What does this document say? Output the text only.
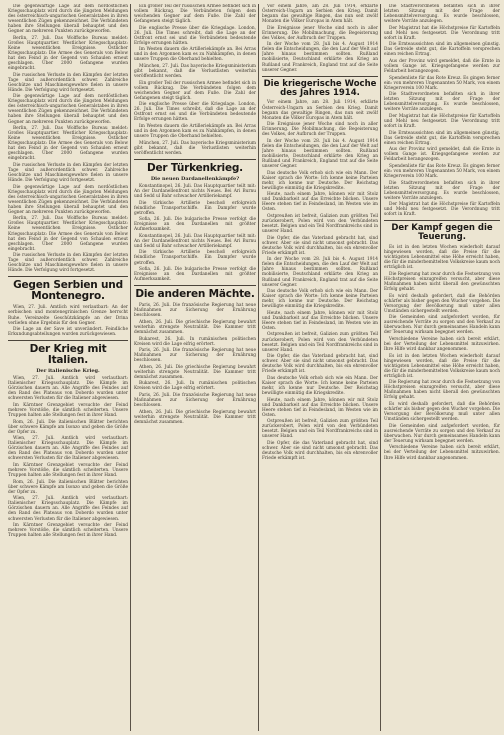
Die gegenwärtige Lage auf dem nordöstlichen Kriegsschauplatz wird durch die jüngsten Meldungen des österreichisch-ungarischen Generalstabes in ihren wesentlichen Zügen gekennzeichnet. Die Verbündeten haben ihre Stellungen überall behauptet und den Gegner an mehreren Punkten zurückgeworfen.

Berlin, 27. Juli. Das Wolffsche Bureau meldet: Großes Hauptquartier. Westlicher Kriegsschauplatz: Keine wesentlichen Ereignisse. Östlicher Kriegsschauplatz: Die Armee des Generals von Below hat den Feind in der Gegend von Schaulen erneut geschlagen. Über 2000 Gefangene wurden eingebracht.

Die russischen Verluste in den Kämpfen der letzten Tage sind außerordentlich schwer. Zahlreiche Geschütze und Maschinengewehre fielen in unsere Hände. Die Verfolgung wird fortgesetzt.

Die gegenwärtige Lage auf dem nordöstlichen Kriegsschauplatz wird durch die jüngsten Meldungen des österreichisch-ungarischen Generalstabes in ihren wesentlichen Zügen gekennzeichnet. Die Verbündeten haben ihre Stellungen überall behauptet und den Gegner an mehreren Punkten zurückgeworfen.

Berlin, 27. Juli. Das Wolffsche Bureau meldet: Großes Hauptquartier. Westlicher Kriegsschauplatz: Keine wesentlichen Ereignisse. Östlicher Kriegsschauplatz: Die Armee des Generals von Below hat den Feind in der Gegend von Schaulen erneut geschlagen. Über 2000 Gefangene wurden eingebracht.

Die russischen Verluste in den Kämpfen der letzten Tage sind außerordentlich schwer. Zahlreiche Geschütze und Maschinengewehre fielen in unsere Hände. Die Verfolgung wird fortgesetzt.

Die gegenwärtige Lage auf dem nordöstlichen Kriegsschauplatz wird durch die jüngsten Meldungen des österreichisch-ungarischen Generalstabes in ihren wesentlichen Zügen gekennzeichnet. Die Verbündeten haben ihre Stellungen überall behauptet und den Gegner an mehreren Punkten zurückgeworfen.

Berlin, 27. Juli. Das Wolffsche Bureau meldet: Großes Hauptquartier. Westlicher Kriegsschauplatz: Keine wesentlichen Ereignisse. Östlicher Kriegsschauplatz: Die Armee des Generals von Below hat den Feind in der Gegend von Schaulen erneut geschlagen. Über 2000 Gefangene wurden eingebracht.

Die russischen Verluste in den Kämpfen der letzten Tage sind außerordentlich schwer. Zahlreiche Geschütze und Maschinengewehre fielen in unsere Hände. Die Verfolgung wird fortgesetzt.

Gegen Serbien und Montenegro.

Wien, 27. Juli. Amtlich wird verlautbart: An der serbischen und montenegrinischen Grenze herrscht Ruhe. Vereinzelte Geschützkämpfe an der Drina verliefen ohne Ergebnis für den Gegner.

Die Lage an der Save ist unverändert. Feindliche Erkundungsabteilungen wurden zurückgewiesen.

Der Krieg mit Italien.
Der italienische Krieg.

Wien, 27. Juli. Amtlich wird verlautbart: Italienischer Kriegsschauplatz. Die Kämpfe im Görzischen dauern an. Alle Angriffe des Feindes auf den Rand des Plateaus von Doberdo wurden unter schwersten Verlusten für die Italiener abgewiesen.

Im Kärntner Grenzgebiet versuchte der Feind mehrere Vorstöße, die sämtlich scheiterten. Unsere Truppen halten alle Stellungen fest in ihrer Hand.

Rom, 26. Juli. Die italienischen Blätter berichten über schwere Kämpfe am Isonzo und geben die Größe der Opfer zu.

Wien, 27. Juli. Amtlich wird verlautbart: Italienischer Kriegsschauplatz. Die Kämpfe im Görzischen dauern an. Alle Angriffe des Feindes auf den Rand des Plateaus von Doberdo wurden unter schwersten Verlusten für die Italiener abgewiesen.

Im Kärntner Grenzgebiet versuchte der Feind mehrere Vorstöße, die sämtlich scheiterten. Unsere Truppen halten alle Stellungen fest in ihrer Hand.

Rom, 26. Juli. Die italienischen Blätter berichten über schwere Kämpfe am Isonzo und geben die Größe der Opfer zu.

Wien, 27. Juli. Amtlich wird verlautbart: Italienischer Kriegsschauplatz. Die Kämpfe im Görzischen dauern an. Alle Angriffe des Feindes auf den Rand des Plateaus von Doberdo wurden unter schwersten Verlusten für die Italiener abgewiesen.

Im Kärntner Grenzgebiet versuchte der Feind mehrere Vorstöße, die sämtlich scheiterten. Unsere Truppen halten alle Stellungen fest in ihrer Hand.

Ein großer Teil der russischen Armee befindet sich in vollem Rückzug. Die Verbündeten folgen dem weichenden Gegner auf dem Fuße. Die Zahl der Gefangenen steigt täglich.

Die englische Presse über die Kriegslage. London, 26. Juli. Die Times schreibt, daß die Lage an der Ostfront ernst sei und die Verbündeten bedeutende Erfolge errungen hätten.

Im Westen dauern die Artilleriekämpfe an. Bei Arras und in den Argonnen kam es zu Nahkämpfen, in denen unsere Truppen die Oberhand behielten.

München, 27. Juli. Das bayerische Kriegsministerium gibt bekannt, daß die Verlustlisten weiterhin veröffentlicht werden.

Ein großer Teil der russischen Armee befindet sich in vollem Rückzug. Die Verbündeten folgen dem weichenden Gegner auf dem Fuße. Die Zahl der Gefangenen steigt täglich.

Die englische Presse über die Kriegslage. London, 26. Juli. Die Times schreibt, daß die Lage an der Ostfront ernst sei und die Verbündeten bedeutende Erfolge errungen hätten.

Im Westen dauern die Artilleriekämpfe an. Bei Arras und in den Argonnen kam es zu Nahkämpfen, in denen unsere Truppen die Oberhand behielten.

München, 27. Juli. Das bayerische Kriegsministerium gibt bekannt, daß die Verlustlisten weiterhin veröffentlicht werden.

Der Türkenkrieg.
Die neuen Dardanellenkämpfe?

Konstantinopel, 26. Juli. Das Hauptquartier teilt mit: An der Dardanellenfront nichts Neues. Bei Ari Burnu und Sedd ul Bahr schwacher Artilleriekampf.

Die türkische Artillerie beschoß erfolgreich feindliche Transportschiffe. Ein Dampfer wurde getroffen.

Sofia, 26. Juli. Die bulgarische Presse verfolgt die Ereignisse an den Dardanellen mit größter Aufmerksamkeit.

Konstantinopel, 26. Juli. Das Hauptquartier teilt mit: An der Dardanellenfront nichts Neues. Bei Ari Burnu und Sedd ul Bahr schwacher Artilleriekampf.

Die türkische Artillerie beschoß erfolgreich feindliche Transportschiffe. Ein Dampfer wurde getroffen.

Sofia, 26. Juli. Die bulgarische Presse verfolgt die Ereignisse an den Dardanellen mit größter Aufmerksamkeit.

Die anderen Mächte.

Paris, 26. Juli. Die französische Regierung hat neue Maßnahmen zur Sicherung der Ernährung beschlossen.

Athen, 26. Juli. Die griechische Regierung bewahrt weiterhin strengste Neutralität. Die Kammer tritt demnächst zusammen.

Bukarest, 26. Juli. In rumänischen politischen Kreisen wird die Lage eifrig erörtert.

Paris, 26. Juli. Die französische Regierung hat neue Maßnahmen zur Sicherung der Ernährung beschlossen.

Athen, 26. Juli. Die griechische Regierung bewahrt weiterhin strengste Neutralität. Die Kammer tritt demnächst zusammen.

Bukarest, 26. Juli. In rumänischen politischen Kreisen wird die Lage eifrig erörtert.

Paris, 26. Juli. Die französische Regierung hat neue Maßnahmen zur Sicherung der Ernährung beschlossen.

Athen, 26. Juli. Die griechische Regierung bewahrt weiterhin strengste Neutralität. Die Kammer tritt demnächst zusammen.

Vor einem Jahre, am 28. Juli 1914, erklärte Österreich-Ungarn an Serbien den Krieg. Damit begann das gewaltige Ringen, das nun seit zwölf Monaten die Völker Europas in Atem hält.

Die Ereignisse jener Woche sind noch in aller Erinnerung. Die Mobilmachung, die Begeisterung des Volkes, der Aufbruch der Truppen.

In der Woche vom 28. Juli bis 4. August 1914 fielen die Entscheidungen, die den Lauf der Welt auf Jahre hinaus bestimmen sollten. Rußland mobilisierte, Deutschland erklärte den Krieg an Rußland und Frankreich, England trat auf die Seite unserer Gegner.

Die kriegerische Woche des Jahres 1914.

Vor einem Jahre, am 28. Juli 1914, erklärte Österreich-Ungarn an Serbien den Krieg. Damit begann das gewaltige Ringen, das nun seit zwölf Monaten die Völker Europas in Atem hält.

Die Ereignisse jener Woche sind noch in aller Erinnerung. Die Mobilmachung, die Begeisterung des Volkes, der Aufbruch der Truppen.

In der Woche vom 28. Juli bis 4. August 1914 fielen die Entscheidungen, die den Lauf der Welt auf Jahre hinaus bestimmen sollten. Rußland mobilisierte, Deutschland erklärte den Krieg an Rußland und Frankreich, England trat auf die Seite unserer Gegner.

Das deutsche Volk erhob sich wie ein Mann. Der Kaiser sprach die Worte: Ich kenne keine Parteien mehr, ich kenne nur Deutsche. Der Reichstag bewilligte einmütig die Kriegskredite.

Heute, nach einem Jahre, können wir mit Stolz und Dankbarkeit auf das Erreichte blicken. Unsere Heere stehen tief in Feindesland, im Westen wie im Osten.

Ostpreußen ist befreit, Galizien zum größten Teil zurückerobert, Polen wird von den Verbündeten besetzt. Belgien und ein Teil Nordfrankreichs sind in unserer Hand.

Die Opfer, die das Vaterland gebracht hat, sind schwer. Aber sie sind nicht umsonst gebracht. Das deutsche Volk wird durchhalten, bis ein ehrenvoller Friede erkämpft ist.

In der Woche vom 28. Juli bis 4. August 1914 fielen die Entscheidungen, die den Lauf der Welt auf Jahre hinaus bestimmen sollten. Rußland mobilisierte, Deutschland erklärte den Krieg an Rußland und Frankreich, England trat auf die Seite unserer Gegner.

Das deutsche Volk erhob sich wie ein Mann. Der Kaiser sprach die Worte: Ich kenne keine Parteien mehr, ich kenne nur Deutsche. Der Reichstag bewilligte einmütig die Kriegskredite.

Heute, nach einem Jahre, können wir mit Stolz und Dankbarkeit auf das Erreichte blicken. Unsere Heere stehen tief in Feindesland, im Westen wie im Osten.

Ostpreußen ist befreit, Galizien zum größten Teil zurückerobert, Polen wird von den Verbündeten besetzt. Belgien und ein Teil Nordfrankreichs sind in unserer Hand.

Die Opfer, die das Vaterland gebracht hat, sind schwer. Aber sie sind nicht umsonst gebracht. Das deutsche Volk wird durchhalten, bis ein ehrenvoller Friede erkämpft ist.

Das deutsche Volk erhob sich wie ein Mann. Der Kaiser sprach die Worte: Ich kenne keine Parteien mehr, ich kenne nur Deutsche. Der Reichstag bewilligte einmütig die Kriegskredite.

Heute, nach einem Jahre, können wir mit Stolz und Dankbarkeit auf das Erreichte blicken. Unsere Heere stehen tief in Feindesland, im Westen wie im Osten.

Ostpreußen ist befreit, Galizien zum größten Teil zurückerobert, Polen wird von den Verbündeten besetzt. Belgien und ein Teil Nordfrankreichs sind in unserer Hand.

Die Opfer, die das Vaterland gebracht hat, sind schwer. Aber sie sind nicht umsonst gebracht. Das deutsche Volk wird durchhalten, bis ein ehrenvoller Friede erkämpft ist.

Die Stadtverordneten befaßten sich in ihrer letzten Sitzung mit der Frage der Lebensmittelversorgung. Es wurde beschlossen, weitere Vorräte anzulegen.

Der Magistrat hat die Höchstpreise für Kartoffeln und Mehl neu festgesetzt. Die Verordnung tritt sofort in Kraft.

Die Ernteaussichten sind im allgemeinen günstig. Das Getreide steht gut, die Kartoffeln versprechen einen reichen Ertrag.

Aus der Provinz wird gemeldet, daß die Ernte in vollem Gange ist. Kriegsgefangene werden zur Feldarbeit herangezogen.

Spendenliste für das Rote Kreuz. Es gingen ferner ein: von mehreren Ungenannten 50 Mark, von einem Kriegerverein 100 Mark.

Die Stadtverordneten befaßten sich in ihrer letzten Sitzung mit der Frage der Lebensmittelversorgung. Es wurde beschlossen, weitere Vorräte anzulegen.

Der Magistrat hat die Höchstpreise für Kartoffeln und Mehl neu festgesetzt. Die Verordnung tritt sofort in Kraft.

Die Ernteaussichten sind im allgemeinen günstig. Das Getreide steht gut, die Kartoffeln versprechen einen reichen Ertrag.

Aus der Provinz wird gemeldet, daß die Ernte in vollem Gange ist. Kriegsgefangene werden zur Feldarbeit herangezogen.

Spendenliste für das Rote Kreuz. Es gingen ferner ein: von mehreren Ungenannten 50 Mark, von einem Kriegerverein 100 Mark.

Die Stadtverordneten befaßten sich in ihrer letzten Sitzung mit der Frage der Lebensmittelversorgung. Es wurde beschlossen, weitere Vorräte anzulegen.

Der Magistrat hat die Höchstpreise für Kartoffeln und Mehl neu festgesetzt. Die Verordnung tritt sofort in Kraft.

Der Kampf gegen die Teuerung.

Es ist in den letzten Wochen wiederholt darauf hingewiesen worden, daß die Preise für die wichtigsten Lebensmittel eine Höhe erreicht haben, die für die minderbemittelten Volkskreise kaum noch erträglich ist.

Die Regierung hat zwar durch die Festsetzung von Höchstpreisen einzugreifen versucht, aber diese Maßnahmen haben nicht überall den gewünschten Erfolg gehabt.

Es wird deshalb gefordert, daß die Behörden schärfer als bisher gegen den Wucher vorgehen. Die Versorgung der Bevölkerung muß unter allen Umständen sichergestellt werden.

Die Gemeinden sind aufgefordert worden, für ausreichende Vorräte zu sorgen und den Verkauf zu überwachen. Nur durch gemeinsames Handeln kann der Teuerung wirksam begegnet werden.

Verschiedene Vereine haben sich bereit erklärt, bei der Verteilung der Lebensmittel mitzuwirken. Ihre Hilfe wird dankbar angenommen.

Es ist in den letzten Wochen wiederholt darauf hingewiesen worden, daß die Preise für die wichtigsten Lebensmittel eine Höhe erreicht haben, die für die minderbemittelten Volkskreise kaum noch erträglich ist.

Die Regierung hat zwar durch die Festsetzung von Höchstpreisen einzugreifen versucht, aber diese Maßnahmen haben nicht überall den gewünschten Erfolg gehabt.

Es wird deshalb gefordert, daß die Behörden schärfer als bisher gegen den Wucher vorgehen. Die Versorgung der Bevölkerung muß unter allen Umständen sichergestellt werden.

Die Gemeinden sind aufgefordert worden, für ausreichende Vorräte zu sorgen und den Verkauf zu überwachen. Nur durch gemeinsames Handeln kann der Teuerung wirksam begegnet werden.

Verschiedene Vereine haben sich bereit erklärt, bei der Verteilung der Lebensmittel mitzuwirken. Ihre Hilfe wird dankbar angenommen.
